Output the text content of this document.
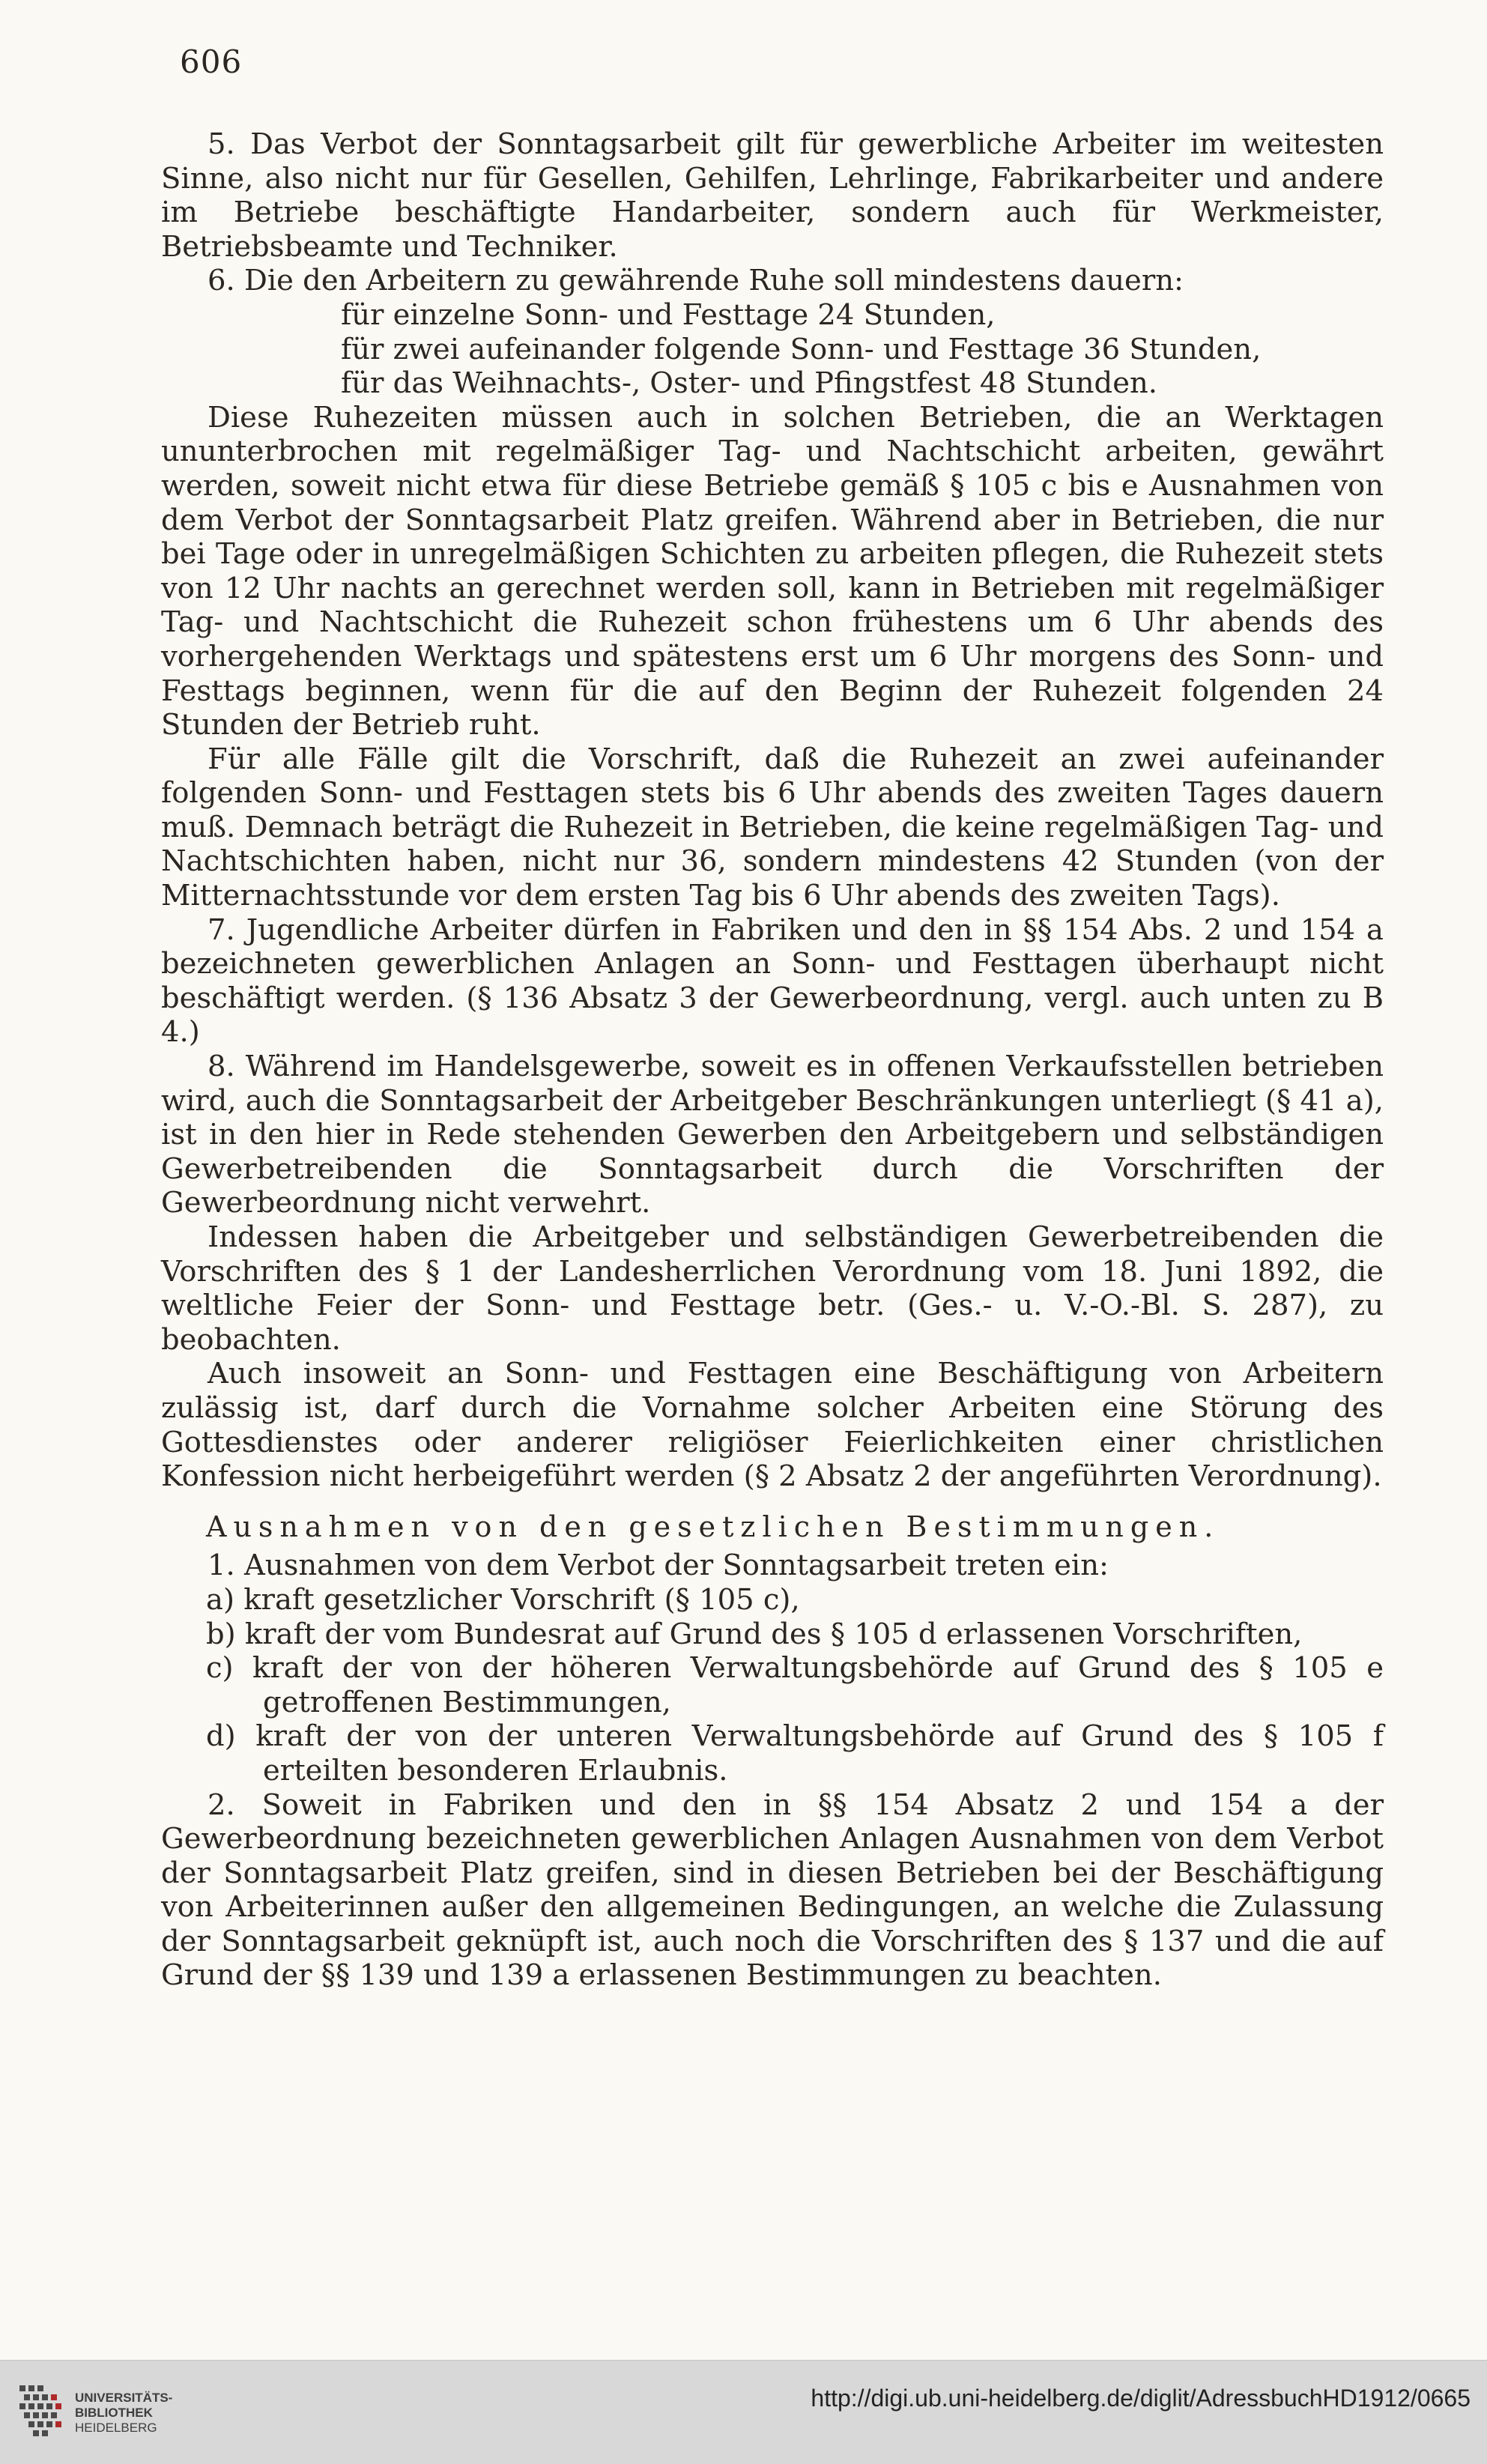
606

5. Das Verbot der Sonntagsarbeit gilt für gewerbliche Arbeiter im weitesten Sinne, also nicht nur für Gesellen, Gehilfen, Lehrlinge, Fabrikarbeiter und andere im Betriebe beschäftigte Handarbeiter, sondern auch für Werkmeister, Betriebsbeamte und Techniker.

6. Die den Arbeitern zu gewährende Ruhe soll mindestens dauern:

für einzelne Sonn- und Festtage 24 Stunden,

für zwei aufeinander folgende Sonn- und Festtage 36 Stunden,

für das Weihnachts-, Oster- und Pfingstfest 48 Stunden.

Diese Ruhezeiten müssen auch in solchen Betrieben, die an Werktagen ununterbrochen mit regelmäßiger Tag- und Nachtschicht arbeiten, gewährt werden, soweit nicht etwa für diese Betriebe gemäß § 105 c bis e Ausnahmen von dem Verbot der Sonntagsarbeit Platz greifen. Während aber in Betrieben, die nur bei Tage oder in unregelmäßigen Schichten zu arbeiten pflegen, die Ruhezeit stets von 12 Uhr nachts an gerechnet werden soll, kann in Betrieben mit regelmäßiger Tag- und Nachtschicht die Ruhezeit schon frühestens um 6 Uhr abends des vorhergehenden Werktags und spätestens erst um 6 Uhr morgens des Sonn- und Festtags beginnen, wenn für die auf den Beginn der Ruhezeit folgenden 24 Stunden der Betrieb ruht.

Für alle Fälle gilt die Vorschrift, daß die Ruhezeit an zwei aufeinander folgenden Sonn- und Festtagen stets bis 6 Uhr abends des zweiten Tages dauern muß. Demnach beträgt die Ruhezeit in Betrieben, die keine regelmäßigen Tag- und Nachtschichten haben, nicht nur 36, sondern mindestens 42 Stunden (von der Mitternachtsstunde vor dem ersten Tag bis 6 Uhr abends des zweiten Tags).

7. Jugendliche Arbeiter dürfen in Fabriken und den in §§ 154 Abs. 2 und 154 a bezeichneten gewerblichen Anlagen an Sonn- und Festtagen überhaupt nicht beschäftigt werden. (§ 136 Absatz 3 der Gewerbeordnung, vergl. auch unten zu B 4.)

8. Während im Handelsgewerbe, soweit es in offenen Verkaufsstellen betrieben wird, auch die Sonntagsarbeit der Arbeitgeber Beschränkungen unterliegt (§ 41 a), ist in den hier in Rede stehenden Gewerben den Arbeitgebern und selbständigen Gewerbetreibenden die Sonntagsarbeit durch die Vorschriften der Gewerbeordnung nicht verwehrt.

Indessen haben die Arbeitgeber und selbständigen Gewerbetreibenden die Vorschriften des § 1 der Landesherrlichen Verordnung vom 18. Juni 1892, die weltliche Feier der Sonn- und Festtage betr. (Ges.- u. V.-O.-Bl. S. 287), zu beobachten.

Auch insoweit an Sonn- und Festtagen eine Beschäftigung von Arbeitern zulässig ist, darf durch die Vornahme solcher Arbeiten eine Störung des Gottesdienstes oder anderer religiöser Feierlichkeiten einer christlichen Konfession nicht herbeigeführt werden (§ 2 Absatz 2 der angeführten Verordnung).

Ausnahmen von den gesetzlichen Bestimmungen.

1. Ausnahmen von dem Verbot der Sonntagsarbeit treten ein:

a) kraft gesetzlicher Vorschrift (§ 105 c),

b) kraft der vom Bundesrat auf Grund des § 105 d erlassenen Vorschriften,

c) kraft der von der höheren Verwaltungsbehörde auf Grund des § 105 e getroffenen Bestimmungen,

d) kraft der von der unteren Verwaltungsbehörde auf Grund des § 105 f erteilten besonderen Erlaubnis.

2. Soweit in Fabriken und den in §§ 154 Absatz 2 und 154 a der Gewerbeordnung bezeichneten gewerblichen Anlagen Ausnahmen von dem Verbot der Sonntagsarbeit Platz greifen, sind in diesen Betrieben bei der Beschäftigung von Arbeiterinnen außer den allgemeinen Bedingungen, an welche die Zulassung der Sonntagsarbeit geknüpft ist, auch noch die Vorschriften des § 137 und die auf Grund der §§ 139 und 139 a erlassenen Bestimmungen zu beachten.

UNIVERSITÄTS-
BIBLIOTHEK
HEIDELBERG
http://digi.ub.uni-heidelberg.de/diglit/AdressbuchHD1912/0665
